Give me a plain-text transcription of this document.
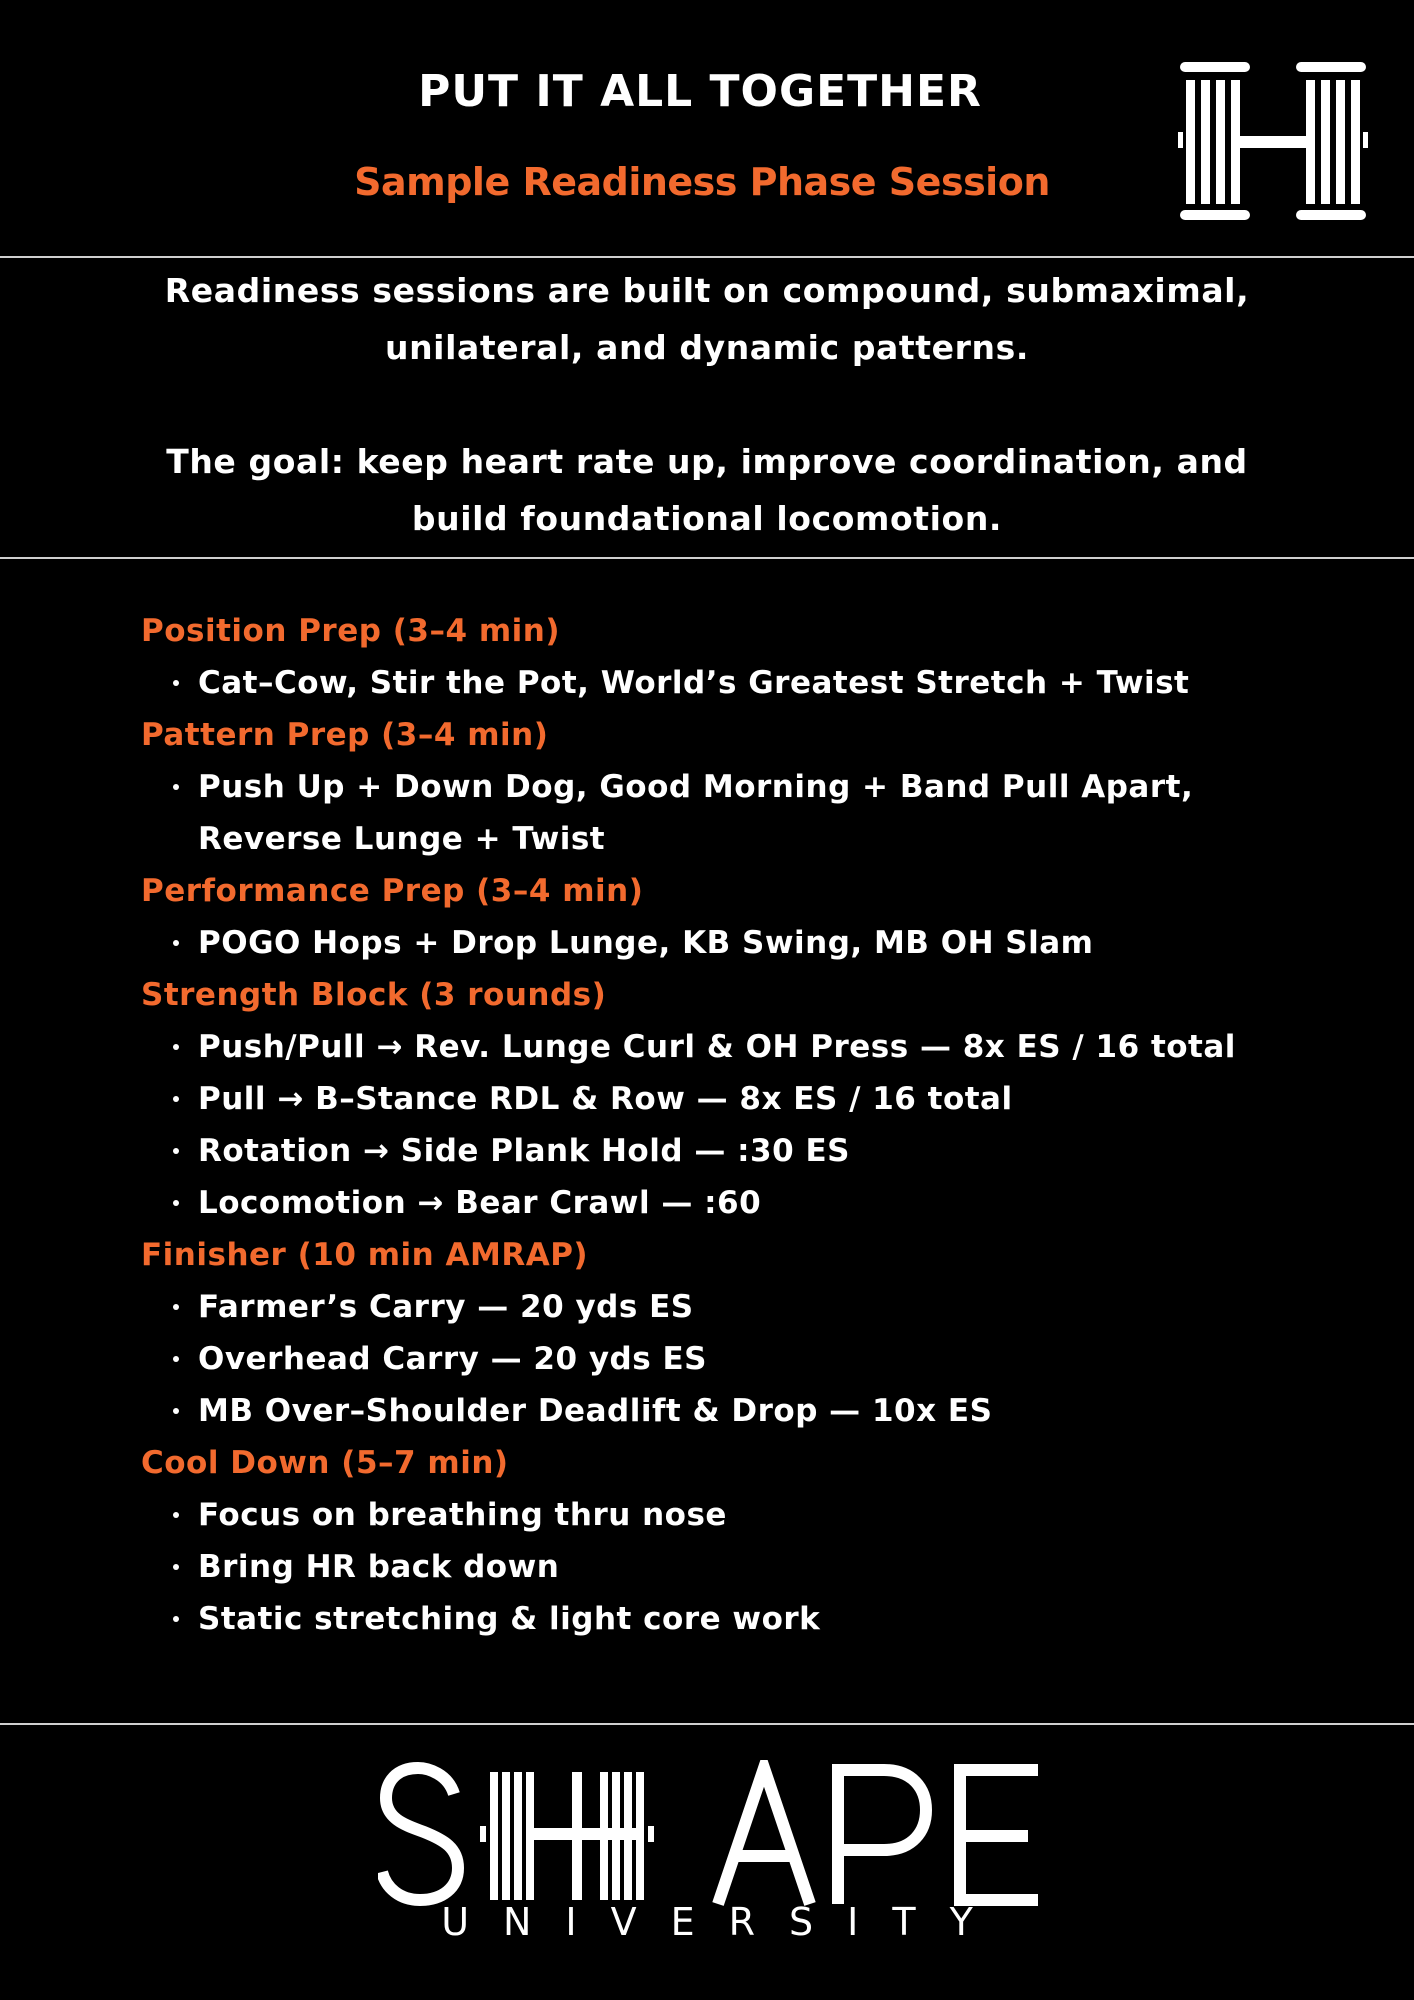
PUT IT ALL TOGETHER
Sample Readiness Phase Session

Readiness sessions are built on compound, submaximal, unilateral, and dynamic patterns.

The goal: keep heart rate up, improve coordination, and build foundational locomotion.

Position Prep (3–4 min)
Cat–Cow, Stir the Pot, World’s Greatest Stretch + Twist
Pattern Prep (3–4 min)
Push Up + Down Dog, Good Morning + Band Pull Apart, Reverse Lunge + Twist
Performance Prep (3–4 min)
POGO Hops + Drop Lunge, KB Swing, MB OH Slam
Strength Block (3 rounds)
Push/Pull → Rev. Lunge Curl & OH Press — 8x ES / 16 total
Pull → B–Stance RDL & Row — 8x ES / 16 total
Rotation → Side Plank Hold — :30 ES
Locomotion → Bear Crawl — :60
Finisher (10 min AMRAP)
Farmer’s Carry — 20 yds ES
Overhead Carry — 20 yds ES
MB Over–Shoulder Deadlift & Drop — 10x ES
Cool Down (5–7 min)
Focus on breathing thru nose
Bring HR back down
Static stretching & light core work
UNIVERSITY
